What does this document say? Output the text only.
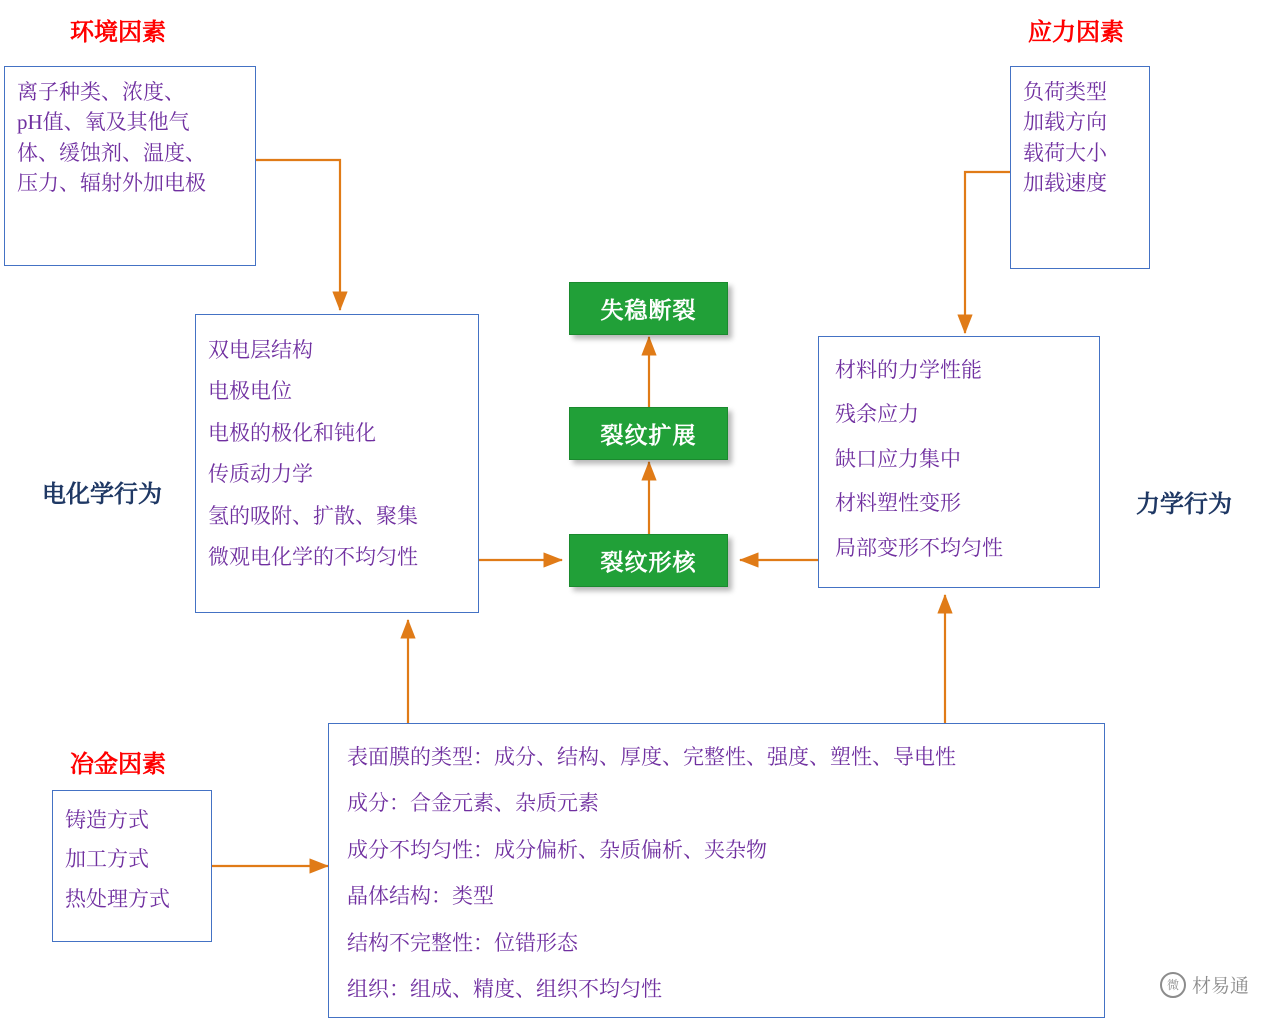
环境因素	应力因素
电化学行为	力学行为
冶金因素
离子种类、浓度、
pH值、氧及其他气
体、缓蚀剂、温度、
压力、辐射外加电极
负荷类型
加载方向
载荷大小
加载速度
双电层结构
电极电位
电极的极化和钝化
传质动力学
氢的吸附、扩散、聚集
微观电化学的不均匀性
材料的力学性能
残余应力
缺口应力集中
材料塑性变形
局部变形不均匀性
铸造方式
加工方式
热处理方式
表面膜的类型：成分、结构、厚度、完整性、强度、塑性、导电性
成分：合金元素、杂质元素
成分不均匀性：成分偏析、杂质偏析、夹杂物
晶体结构：类型
结构不完整性：位错形态
组织：组成、精度、组织不均匀性
失稳断裂
裂纹扩展
裂纹形核
微 材易通
